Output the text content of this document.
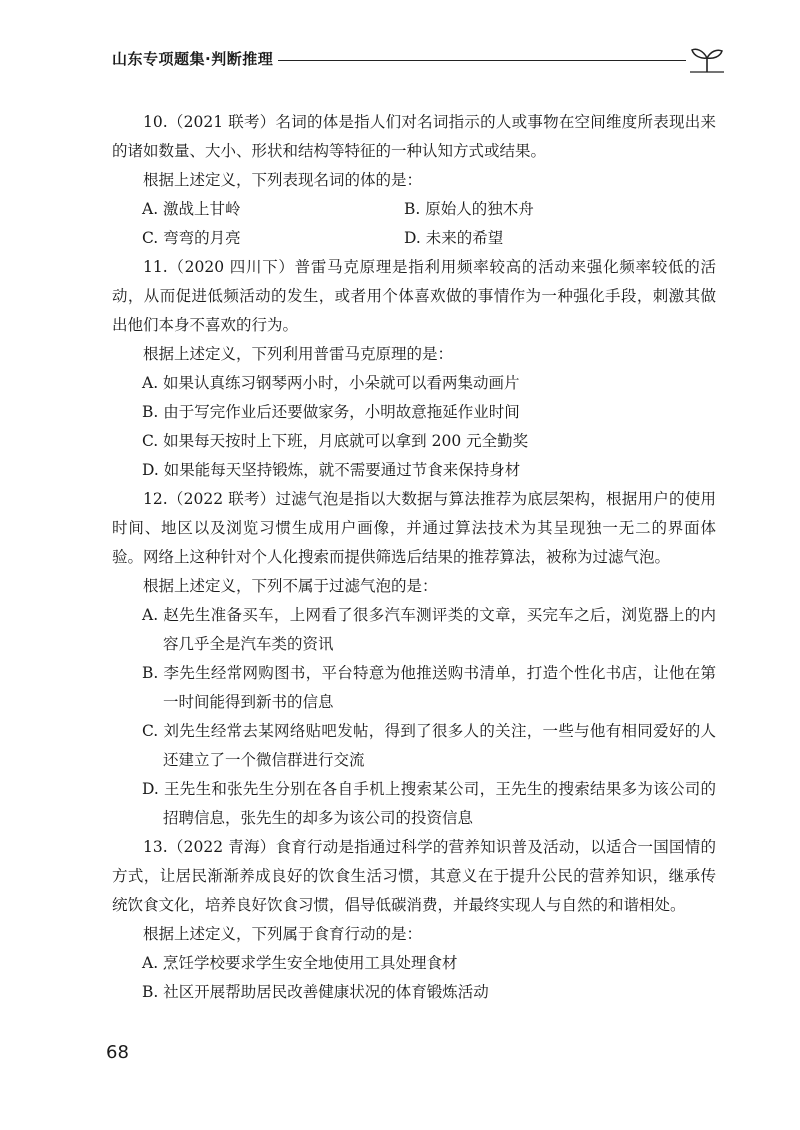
山东专项题集·判断推理

10.（2021 联考）名词的体是指人们对名词指示的人或事物在空间维度所表现出来的诸如数量、大小、形状和结构等特征的一种认知方式或结果。

根据上述定义，下列表现名词的体的是：

A. 激战上甘岭	B. 原始人的独木舟
C. 弯弯的月亮	D. 未来的希望

11.（2020 四川下）普雷马克原理是指利用频率较高的活动来强化频率较低的活动，从而促进低频活动的发生，或者用个体喜欢做的事情作为一种强化手段，刺激其做出他们本身不喜欢的行为。

根据上述定义，下列利用普雷马克原理的是：

A. 如果认真练习钢琴两小时，小朵就可以看两集动画片

B. 由于写完作业后还要做家务，小明故意拖延作业时间

C. 如果每天按时上下班，月底就可以拿到 200 元全勤奖

D. 如果能每天坚持锻炼，就不需要通过节食来保持身材

12.（2022 联考）过滤气泡是指以大数据与算法推荐为底层架构，根据用户的使用时间、地区以及浏览习惯生成用户画像，并通过算法技术为其呈现独一无二的界面体验。网络上这种针对个人化搜索而提供筛选后结果的推荐算法，被称为过滤气泡。

根据上述定义，下列不属于过滤气泡的是：

A. 赵先生准备买车，上网看了很多汽车测评类的文章，买完车之后，浏览器上的内容几乎全是汽车类的资讯

B. 李先生经常网购图书，平台特意为他推送购书清单，打造个性化书店，让他在第一时间能得到新书的信息

C. 刘先生经常去某网络贴吧发帖，得到了很多人的关注，一些与他有相同爱好的人还建立了一个微信群进行交流

D. 王先生和张先生分别在各自手机上搜索某公司，王先生的搜索结果多为该公司的招聘信息，张先生的却多为该公司的投资信息

13.（2022 青海）食育行动是指通过科学的营养知识普及活动，以适合一国国情的方式，让居民渐渐养成良好的饮食生活习惯，其意义在于提升公民的营养知识，继承传统饮食文化，培养良好饮食习惯，倡导低碳消费，并最终实现人与自然的和谐相处。

根据上述定义，下列属于食育行动的是：

A. 烹饪学校要求学生安全地使用工具处理食材

B. 社区开展帮助居民改善健康状况的体育锻炼活动

68
